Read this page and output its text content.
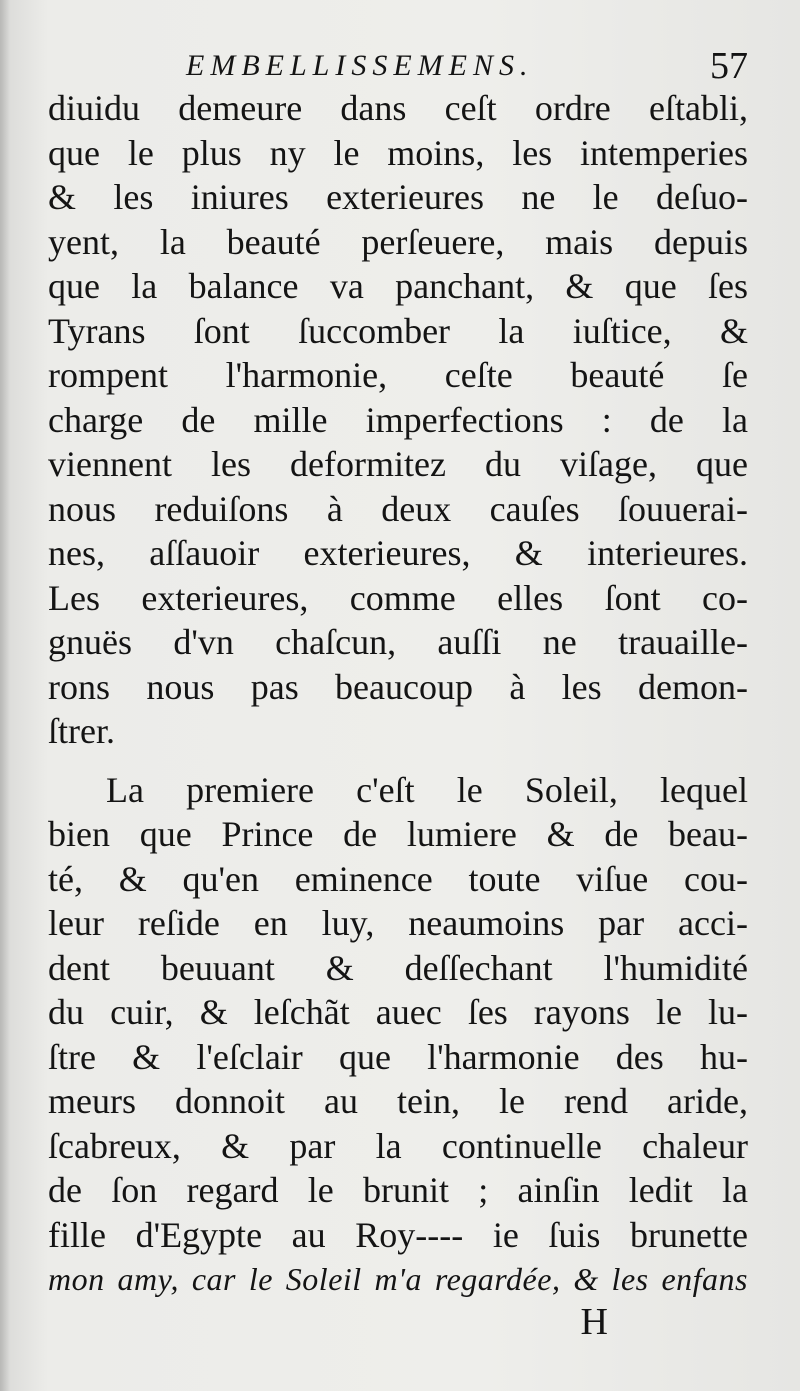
EMBELLISSEMENS.	57
diuidu demeure dans ceſt ordre eſtabli,
que le plus ny le moins, les intemperies
& les iniures exterieures ne le deſuo-
yent, la beauté perſeuere, mais depuis
que la balance va panchant, & que ſes
Tyrans ſont ſuccomber la iuſtice, &
rompent l'harmonie, ceſte beauté ſe
charge de mille imperfections : de la
viennent les deformitez du viſage, que
nous reduiſons à deux cauſes ſouuerai-
nes, aſſauoir exterieures, & interieures.
Les exterieures, comme elles ſont co-
gnuës d'vn chaſcun, auſſi ne trauaille-
rons nous pas beaucoup à les demon-
ſtrer.
La premiere c'eſt le Soleil, lequel
bien que Prince de lumiere & de beau-
té, & qu'en eminence toute viſue cou-
leur reſide en luy, neaumoins par acci-
dent beuuant & deſſechant l'humidité
du cuir, & leſchãt auec ſes rayons le lu-
ſtre & l'eſclair que l'harmonie des hu-
meurs donnoit au tein, le rend aride,
ſcabreux, & par la continuelle chaleur
de ſon regard le brunit ; ainſin ledit la
fille d'Egypte au Roy---- ie ſuis brunette
mon amy, car le Soleil m'a regardée, & les enfans
H
